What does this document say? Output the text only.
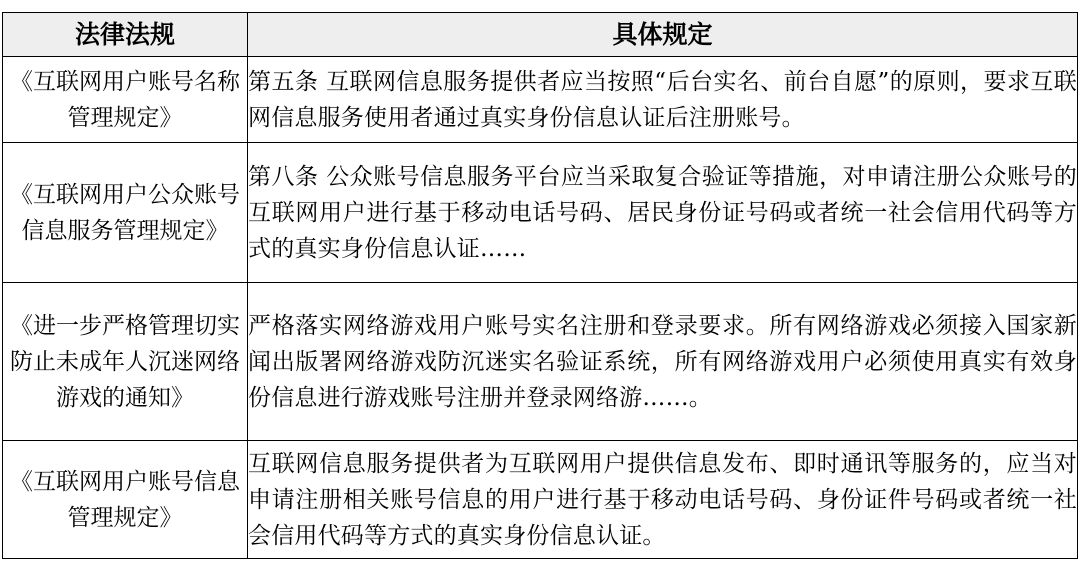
法律法规	具体规定

《互联网用户账号名称管理规定》	第五条 互联网信息服务提供者应当按照“后台实名、前台自愿”的原则，要求互联网信息服务使用者通过真实身份信息认证后注册账号。

《互联网用户公众账号信息服务管理规定》	第八条 公众账号信息服务平台应当采取复合验证等措施，对申请注册公众账号的互联网用户进行基于移动电话号码、居民身份证号码或者统一社会信用代码等方式的真实身份信息认证……

《进一步严格管理切实防止未成年人沉迷网络游戏的通知》	严格落实网络游戏用户账号实名注册和登录要求。所有网络游戏必须接入国家新闻出版署网络游戏防沉迷实名验证系统，所有网络游戏用户必须使用真实有效身份信息进行游戏账号注册并登录网络游……。

《互联网用户账号信息管理规定》	互联网信息服务提供者为互联网用户提供信息发布、即时通讯等服务的，应当对申请注册相关账号信息的用户进行基于移动电话号码、身份证件号码或者统一社会信用代码等方式的真实身份信息认证。
